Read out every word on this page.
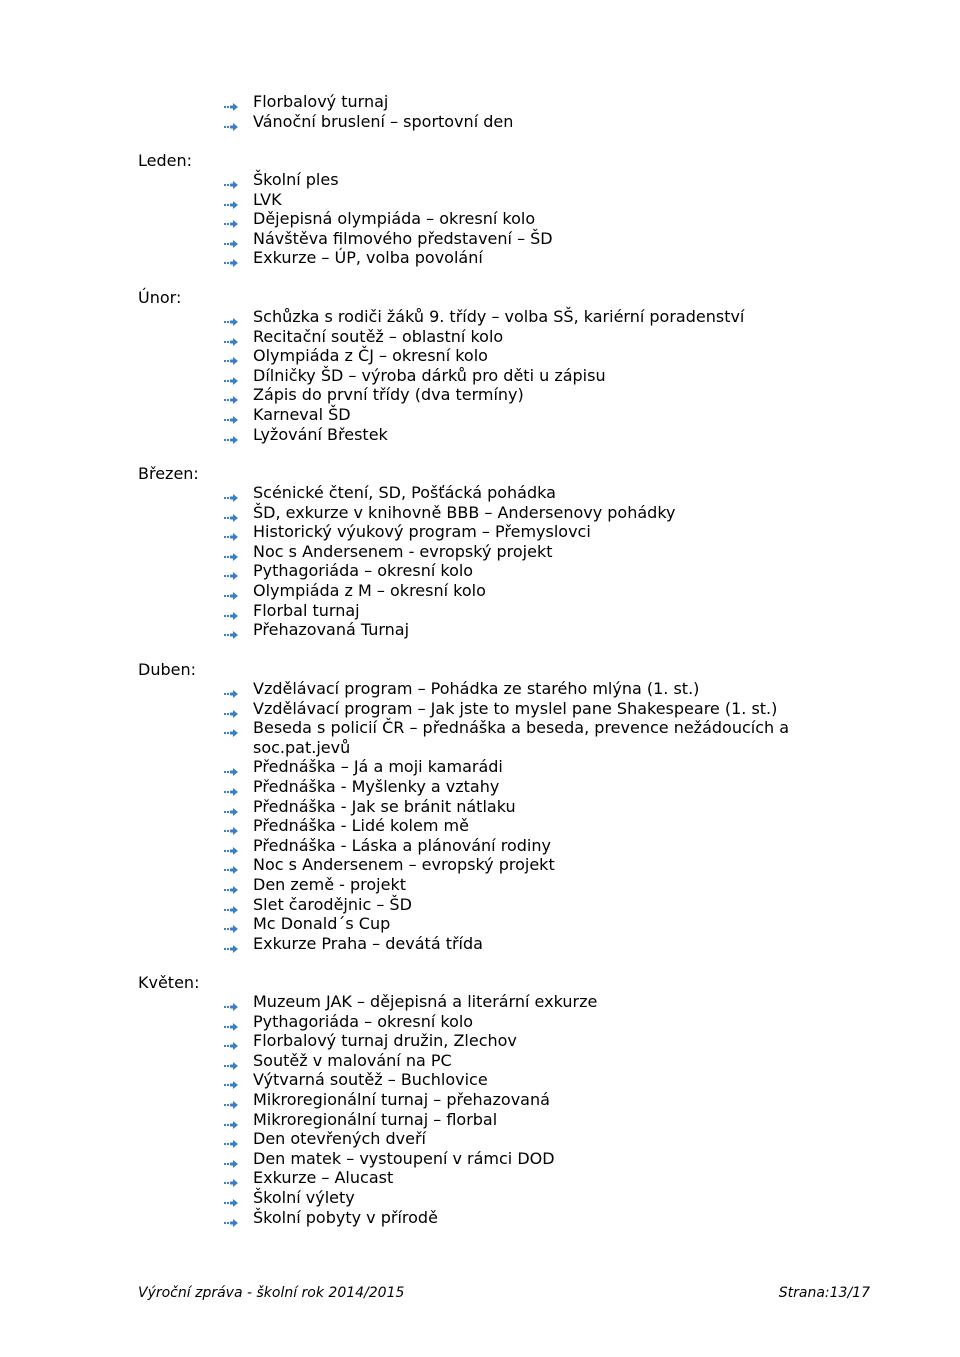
Florbalový turnaj
Vánoční bruslení – sportovní den
Leden:
Školní ples
LVK
Dějepisná olympiáda – okresní kolo
Návštěva filmového představení – ŠD
Exkurze – ÚP, volba povolání
Únor:
Schůzka s rodiči žáků 9. třídy – volba SŠ, kariérní poradenství
Recitační soutěž – oblastní kolo
Olympiáda z ČJ – okresní kolo
Dílničky ŠD – výroba dárků pro děti u zápisu
Zápis do první třídy (dva termíny)
Karneval ŠD
Lyžování Břestek
Březen:
Scénické čtení, SD, Pošťácká pohádka
ŠD, exkurze v knihovně BBB – Andersenovy pohádky
Historický výukový program – Přemyslovci
Noc s Andersenem - evropský projekt
Pythagoriáda – okresní kolo
Olympiáda z M – okresní kolo
Florbal turnaj
Přehazovaná Turnaj
Duben:
Vzdělávací program – Pohádka ze starého mlýna (1. st.)
Vzdělávací program – Jak jste to myslel pane Shakespeare (1. st.)
Beseda s policií ČR – přednáška a beseda, prevence nežádoucích a soc.pat.jevů
Přednáška – Já a moji kamarádi
Přednáška - Myšlenky a vztahy
Přednáška - Jak se bránit nátlaku
Přednáška - Lidé kolem mě
Přednáška - Láska a plánování rodiny
Noc s Andersenem – evropský projekt
Den země - projekt
Slet čarodějnic – ŠD
Mc Donald´s Cup
Exkurze Praha – devátá třída
Květen:
Muzeum JAK – dějepisná a literární exkurze
Pythagoriáda – okresní kolo
Florbalový turnaj družin, Zlechov
Soutěž v malování na PC
Výtvarná soutěž – Buchlovice
Mikroregionální turnaj – přehazovaná
Mikroregionální turnaj – florbal
Den otevřených dveří
Den matek – vystoupení v rámci DOD
Exkurze – Alucast
Školní výlety
Školní pobyty v přírodě
Výroční zpráva - školní rok 2014/2015	Strana:13/17
